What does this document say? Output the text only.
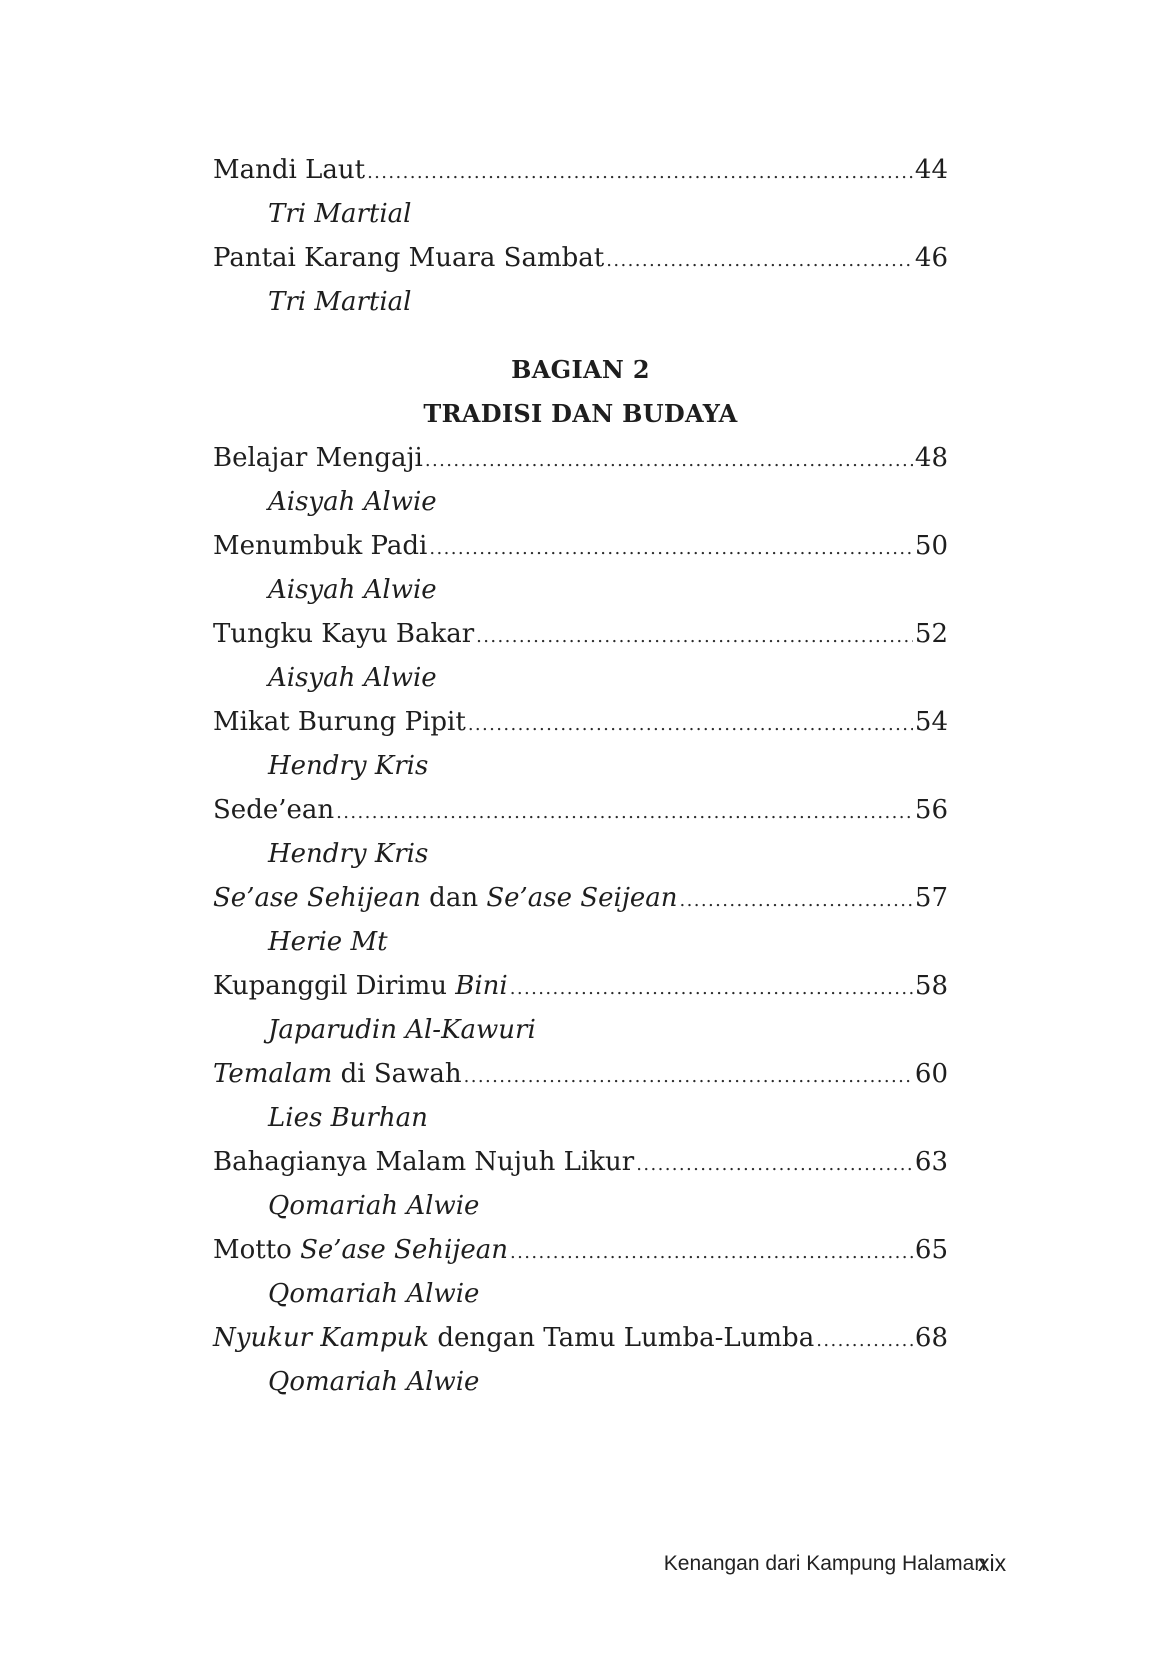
Mandi Laut .....	44
Tri Martial
Pantai Karang Muara Sambat .....	46
Tri Martial
BAGIAN 2
TRADISI DAN BUDAYA
Belajar Mengaji .....	48
Aisyah Alwie
Menumbuk Padi .....	50
Aisyah Alwie
Tungku Kayu Bakar .....	52
Aisyah Alwie
Mikat Burung Pipit .....	54
Hendry Kris
Sede’ean .....	56
Hendry Kris
Se’ase Sehijean dan Se’ase Seijean .....	57
Herie Mt
Kupanggil Dirimu Bini .....	58
Japarudin Al-Kawuri
Temalam di Sawah .....	60
Lies Burhan
Bahagianya Malam Nujuh Likur .....	63
Qomariah Alwie
Motto Se’ase Sehijean .....	65
Qomariah Alwie
Nyukur Kampuk dengan Tamu Lumba-Lumba .....	68
Qomariah Alwie
Kenangan dari Kampung Halaman
xix
